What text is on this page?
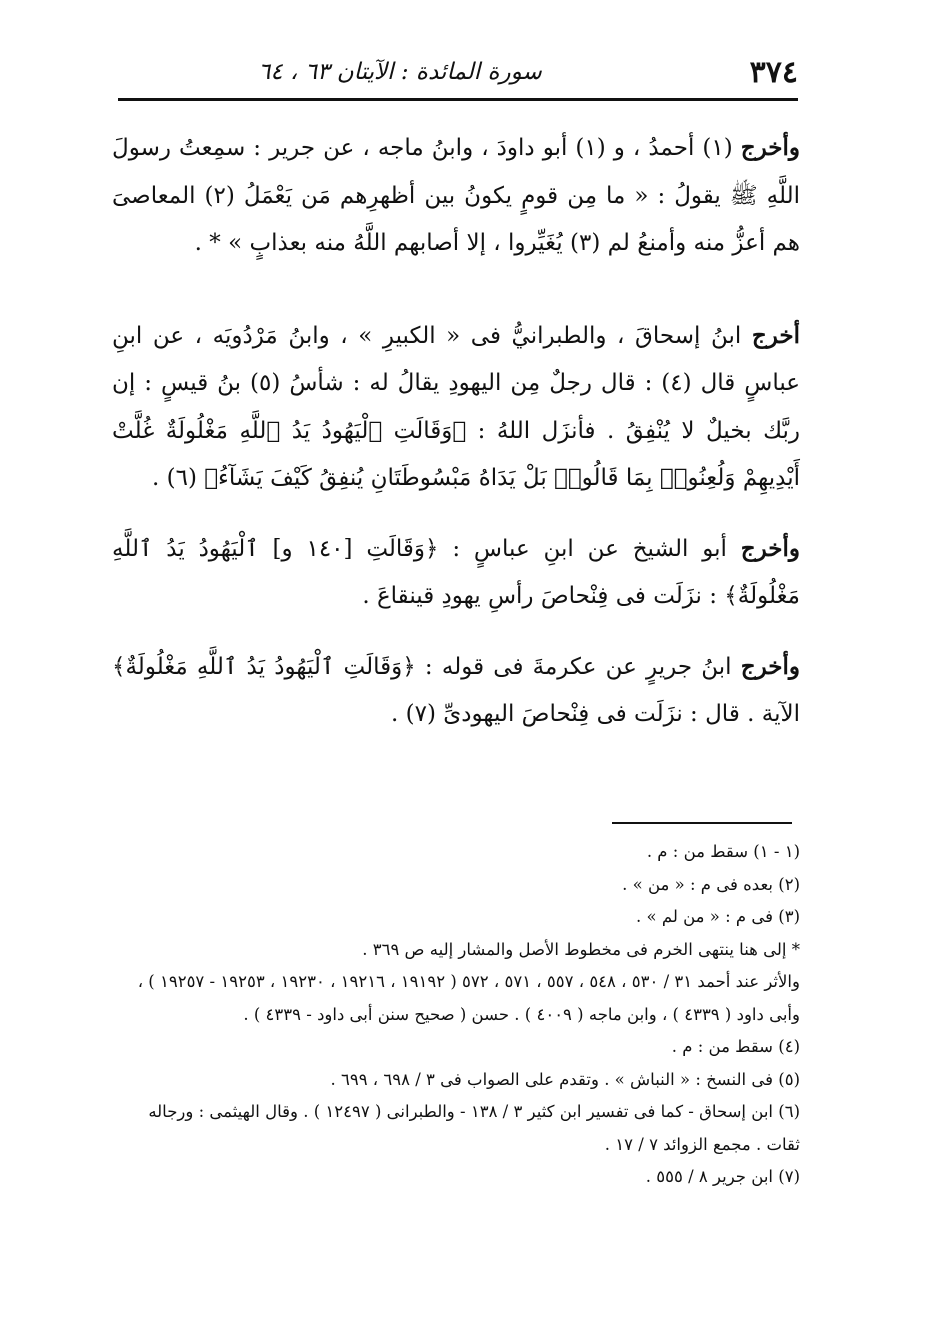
٣٧٤
سورة المائدة : الآيتان ٦٣ ، ٦٤

وأخرج (١) أحمدُ ، و (١) أبو داودَ ، وابنُ ماجه ، عن جرير : سمِعتُ رسولَ اللَّهِ ﷺ يقولُ : « ما مِن قومٍ يكونُ بين أظهرِهم مَن يَعْمَلُ (٢) المعاصىَ هم أعزُّ منه وأمنعُ لم (٣) يُغَيِّروا ، إلا أصابهم اللَّهُ منه بعذابٍ » * .

أخرج ابنُ إسحاقَ ، والطبرانيُّ فى « الكبيرِ » ، وابنُ مَرْدُويَه ، عن ابنِ عباسٍ قال (٤) : قال رجلٌ مِن اليهودِ يقالُ له : شأسُ (٥) بنُ قيسٍ : إن ربَّك بخيلٌ لا يُنْفِقُ . فأنزَل اللهُ : ﴿وَقَالَتِ ٱلْيَهُودُ يَدُ ٱللَّهِ مَغْلُولَةٌ غُلَّتْ أَيْدِيهِمْ وَلُعِنُوا۟ بِمَا قَالُوا۟ بَلْ يَدَاهُ مَبْسُوطَتَانِ يُنفِقُ كَيْفَ يَشَآءُ﴾ (٦) .

وأخرج أبو الشيخ عن ابنِ عباسٍ : ﴿وَقَالَتِ [١٤٠ و] ٱلْيَهُودُ يَدُ ٱللَّهِ مَغْلُولَةٌ﴾ : نزَلَت فى فِنْحاصَ رأسِ يهودِ قينقاعَ .

وأخرج ابنُ جريرٍ عن عكرمةَ فى قوله : ﴿وَقَالَتِ ٱلْيَهُودُ يَدُ ٱللَّهِ مَغْلُولَةٌ﴾ الآية . قال : نزَلَت فى فِنْحاصَ اليهودىِّ (٧) .

(١ - ١) سقط من : م .
(٢) بعده فى م : « من » .
(٣) فى م : « من لم » .
* إلى هنا ينتهى الخرم فى مخطوط الأصل والمشار إليه ص ٣٦٩ .
والأثر عند أحمد ٣١ / ٥٣٠ ، ٥٤٨ ، ٥٥٧ ، ٥٧١ ، ٥٧٢ ( ١٩١٩٢ ، ١٩٢١٦ ، ١٩٢٣٠ ، ١٩٢٥٣ - ١٩٢٥٧ ) ، وأبى داود ( ٤٣٣٩ ) ، وابن ماجه ( ٤٠٠٩ ) . حسن ( صحيح سنن أبى داود - ٤٣٣٩ ) .
(٤) سقط من : م .
(٥) فى النسخ : « النباش » . وتقدم على الصواب فى ٣ / ٦٩٨ ، ٦٩٩ .
(٦) ابن إسحاق - كما فى تفسير ابن كثير ٣ / ١٣٨ - والطبرانى ( ١٢٤٩٧ ) . وقال الهيثمى : ورجاله ثقات . مجمع الزوائد ٧ / ١٧ .
(٧) ابن جرير ٨ / ٥٥٥ .
